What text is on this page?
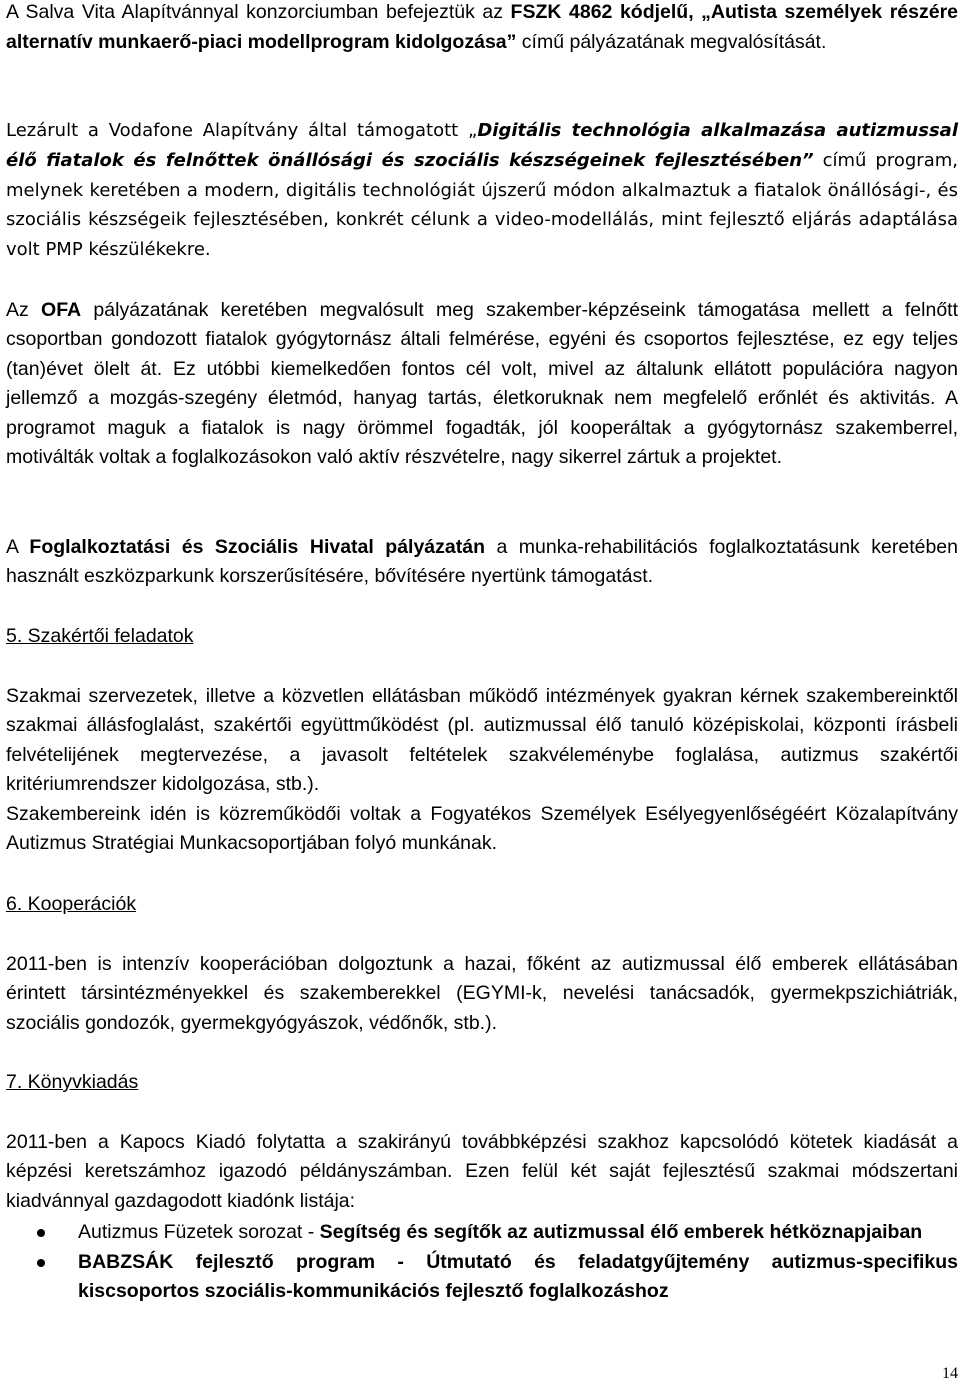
A Salva Vita Alapítvánnyal konzorciumban befejeztük az FSZK 4862 kódjelű, „Autista személyek részére alternatív munkaerő-piaci modellprogram kidolgozása” című pályázatának megvalósítását.

Lezárult a Vodafone Alapítvány által támogatott „Digitális technológia alkalmazása autizmussal élő fiatalok és felnőttek önállósági és szociális készségeinek fejlesztésében” című program, melynek keretében a modern, digitális technológiát újszerű módon alkalmaztuk a fiatalok önállósági-, és szociális készségeik fejlesztésében, konkrét célunk a video-modellálás, mint fejlesztő eljárás adaptálása volt PMP készülékekre.

Az OFA pályázatának keretében megvalósult meg szakember-képzéseink támogatása mellett a felnőtt csoportban gondozott fiatalok gyógytornász általi felmérése, egyéni és csoportos fejlesztése, ez egy teljes (tan)évet ölelt át. Ez utóbbi kiemelkedően fontos cél volt, mivel az általunk ellátott populációra nagyon jellemző a mozgás-szegény életmód, hanyag tartás, életkoruknak nem megfelelő erőnlét és aktivitás. A programot maguk a fiatalok is nagy örömmel fogadták, jól kooperáltak a gyógytornász szakemberrel, motiválták voltak a foglalkozásokon való aktív részvételre, nagy sikerrel zártuk a projektet.

A Foglalkoztatási és Szociális Hivatal pályázatán a munka-rehabilitációs foglalkoztatásunk keretében használt eszközparkunk korszerűsítésére, bővítésére nyertünk támogatást.

5. Szakértői feladatok

Szakmai szervezetek, illetve a közvetlen ellátásban működő intézmények gyakran kérnek szakembereinktől szakmai állásfoglalást, szakértői együttműködést (pl. autizmussal élő tanuló középiskolai, központi írásbeli felvételijének megtervezése, a javasolt feltételek szakvéleménybe foglalása, autizmus szakértői kritériumrendszer kidolgozása, stb.).

Szakembereink idén is közreműködői voltak a Fogyatékos Személyek Esélyegyenlőségéért Közalapítvány Autizmus Stratégiai Munkacsoportjában folyó munkának.

6. Kooperációk

2011-ben is intenzív kooperációban dolgoztunk a hazai, főként az autizmussal élő emberek ellátásában érintett társintézményekkel és szakemberekkel (EGYMI-k, nevelési tanácsadók, gyermekpszichiátriák, szociális gondozók, gyermekgyógyászok, védőnők, stb.).

7. Könyvkiadás

2011-ben a Kapocs Kiadó folytatta a szakirányú továbbképzési szakhoz kapcsolódó kötetek kiadását a képzési keretszámhoz igazodó példányszámban. Ezen felül két saját fejlesztésű szakmai módszertani kiadvánnyal gazdagodott kiadónk listája:

Autizmus Füzetek sorozat - Segítség és segítők az autizmussal élő emberek hétköznapjaiban
BABZSÁK fejlesztő program - Útmutató és feladatgyűjtemény autizmus-specifikus kiscsoportos szociális-kommunikációs fejlesztő foglalkozáshoz
14
